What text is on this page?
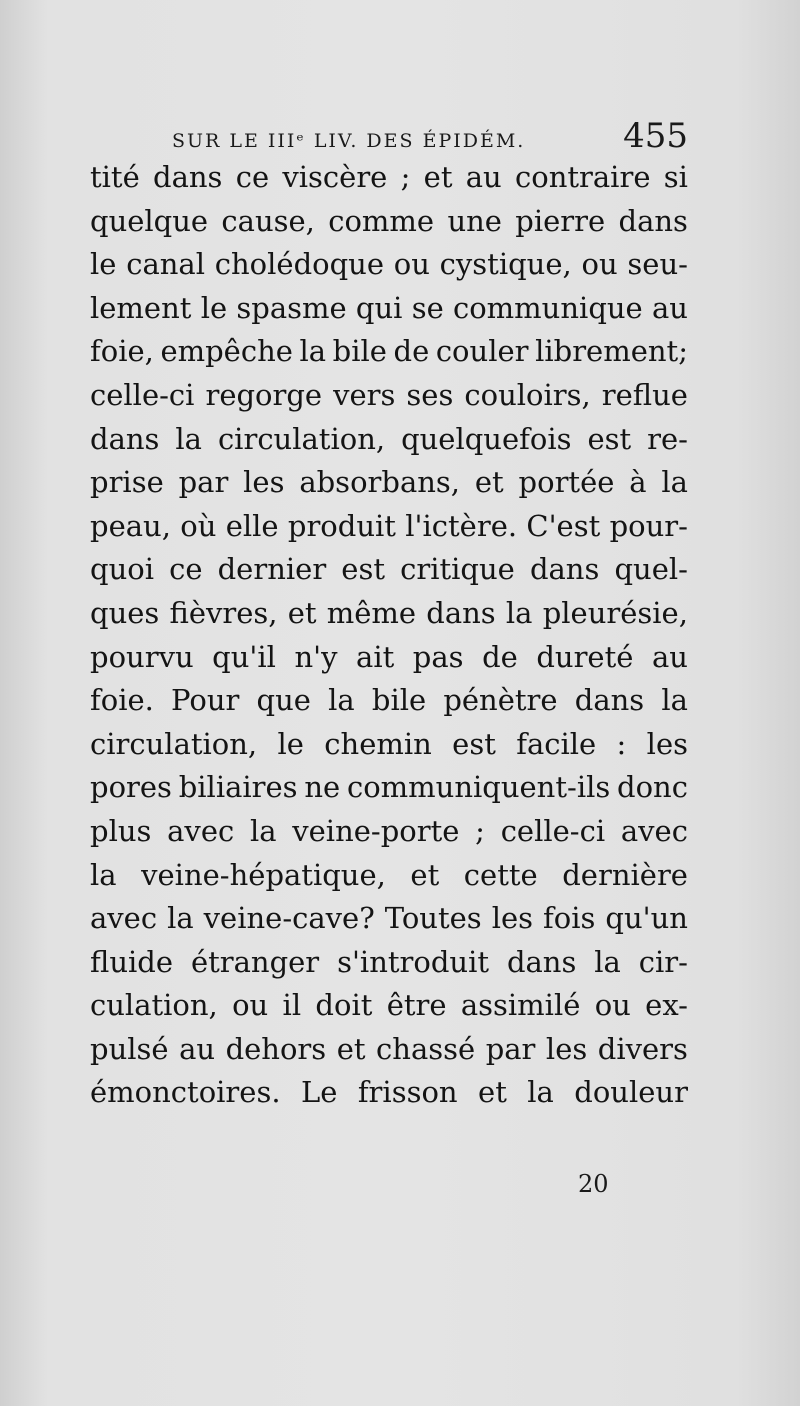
SUR LE IIIᵉ LIV. DES ÉPIDÉM.	455
tité dans ce viscère ; et au contraire si
quelque cause, comme une pierre dans
le canal cholédoque ou cystique, ou seu-
lement le spasme qui se communique au
foie, empêche la bile de couler librement;
celle-ci regorge vers ses couloirs, reflue
dans la circulation, quelquefois est re-
prise par les absorbans, et portée à la
peau, où elle produit l'ictère. C'est pour-
quoi ce dernier est critique dans quel-
ques fièvres, et même dans la pleurésie,
pourvu qu'il n'y ait pas de dureté au
foie. Pour que la bile pénètre dans la
circulation, le chemin est facile : les
pores biliaires ne communiquent-ils donc
plus avec la veine-porte ; celle-ci avec
la veine-hépatique, et cette dernière
avec la veine-cave? Toutes les fois qu'un
fluide étranger s'introduit dans la cir-
culation, ou il doit être assimilé ou ex-
pulsé au dehors et chassé par les divers
émonctoires. Le frisson et la douleur
20
